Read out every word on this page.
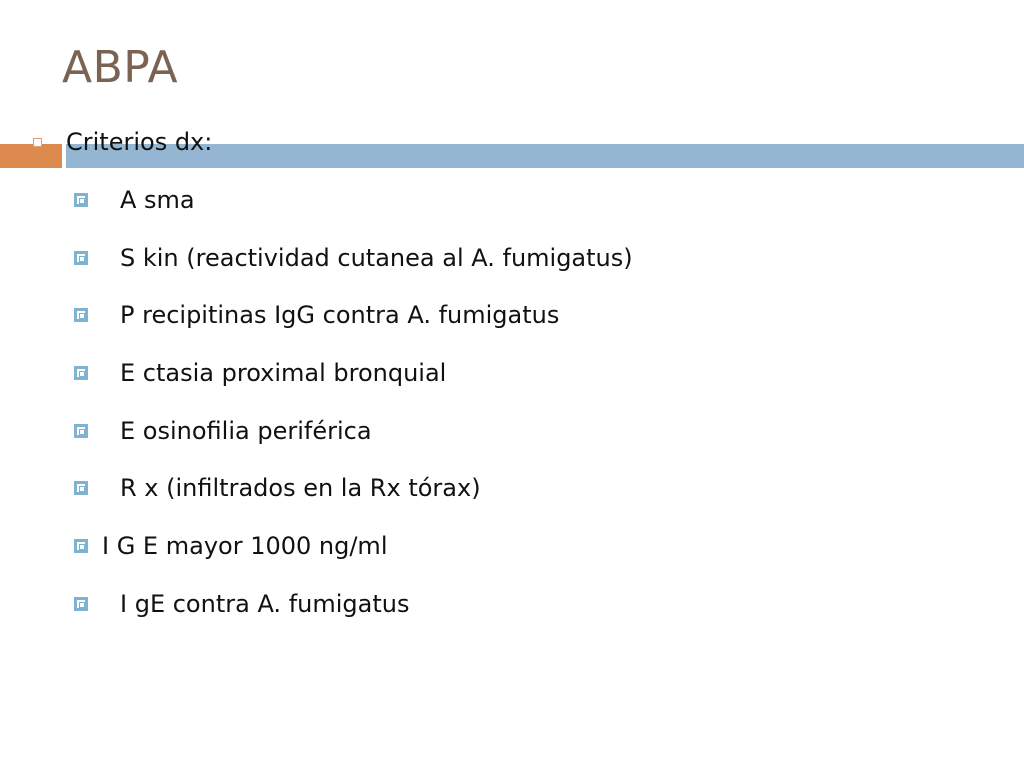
ABPA
Criterios dx:
A sma
S kin (reactividad cutanea al A. fumigatus)
P recipitinas IgG contra A. fumigatus
E ctasia proximal bronquial
E osinofilia periférica
R x (infiltrados en la Rx tórax)
I G E mayor 1000 ng/ml
I gE contra A. fumigatus
